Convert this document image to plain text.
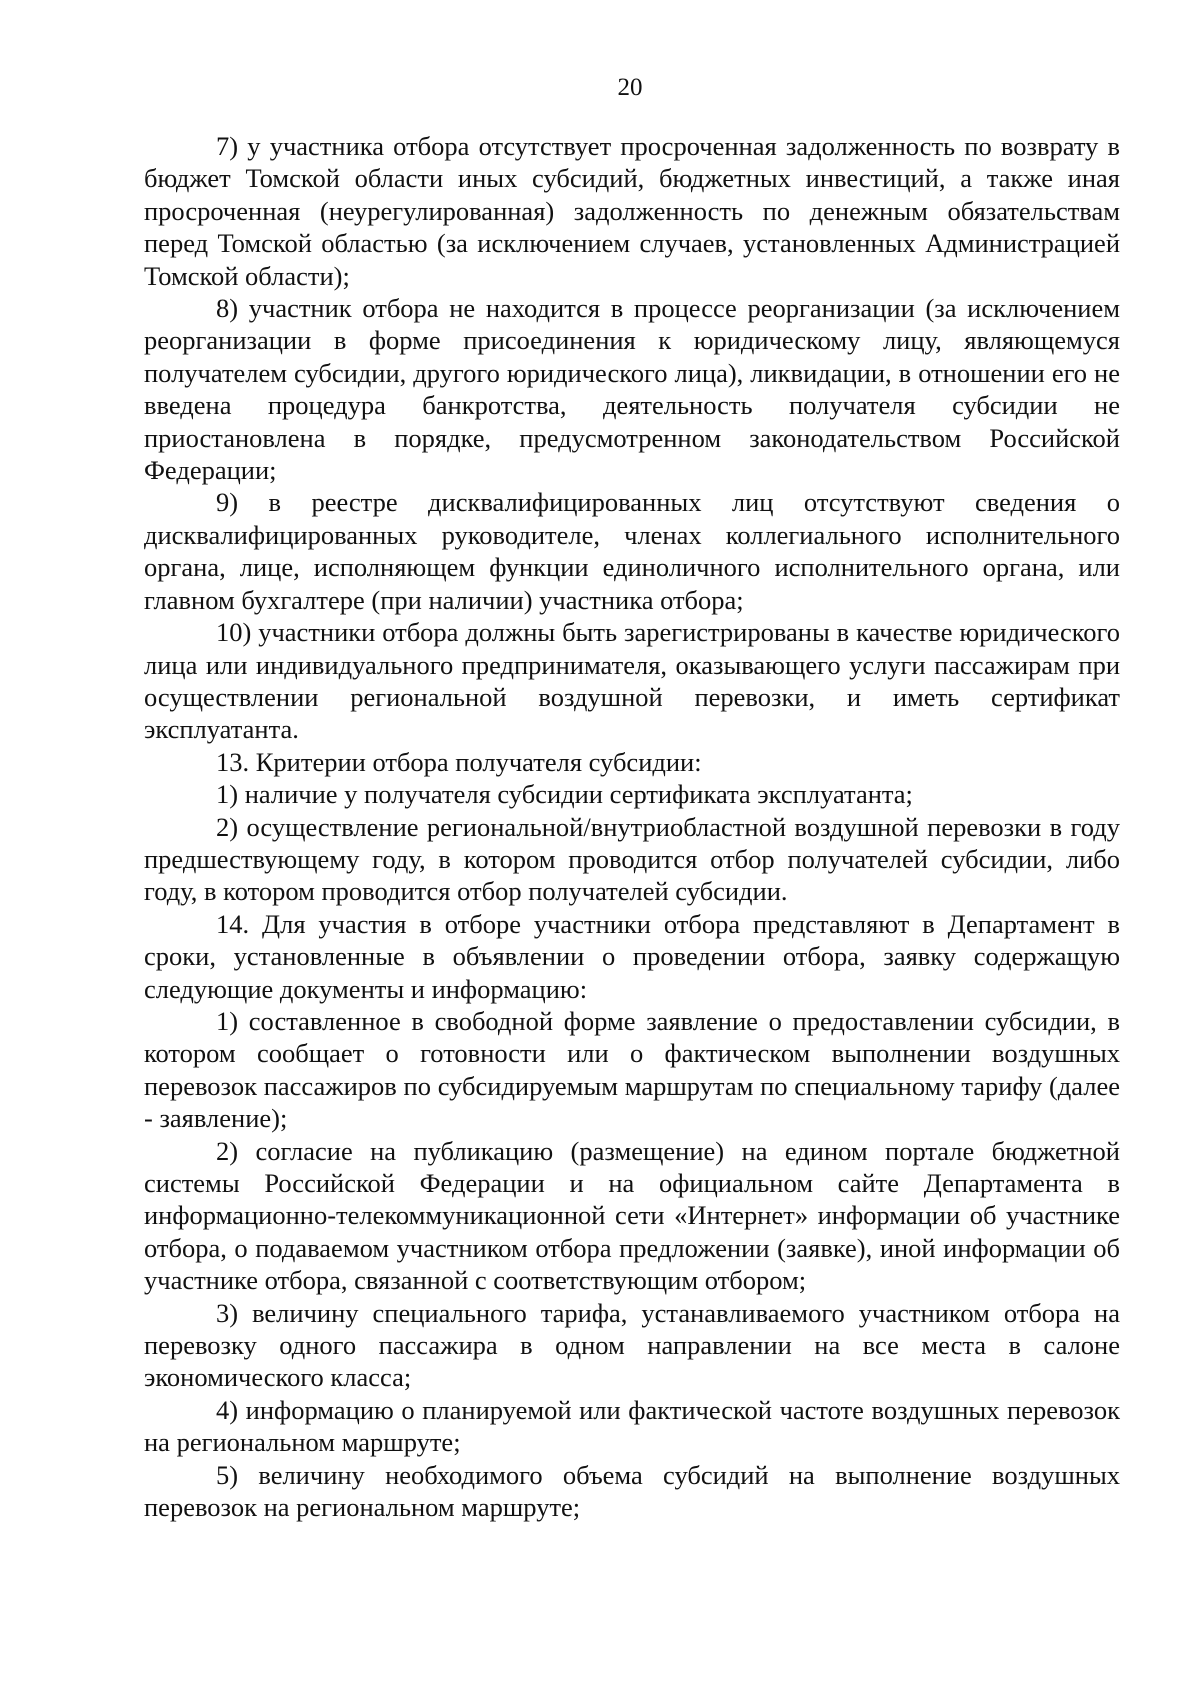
20

7) у участника отбора отсутствует просроченная задолженность по возврату в бюджет Томской области иных субсидий, бюджетных инвестиций, а также иная просроченная (неурегулированная) задолженность по денежным обязательствам перед Томской областью (за исключением случаев, установленных Администрацией Томской области);

8) участник отбора не находится в процессе реорганизации (за исключением реорганизации в форме присоединения к юридическому лицу, являющемуся получателем субсидии, другого юридического лица), ликвидации, в отношении его не введена процедура банкротства, деятельность получателя субсидии не приостановлена в порядке, предусмотренном законодательством Российской Федерации;

9) в реестре дисквалифицированных лиц отсутствуют сведения о дисквалифицированных руководителе, членах коллегиального исполнительного органа, лице, исполняющем функции единоличного исполнительного органа, или главном бухгалтере (при наличии) участника отбора;

10) участники отбора должны быть зарегистрированы в качестве юридического лица или индивидуального предпринимателя, оказывающего услуги пассажирам при осуществлении региональной воздушной перевозки, и иметь сертификат эксплуатанта.

13. Критерии отбора получателя субсидии:

1) наличие у получателя субсидии сертификата эксплуатанта;

2) осуществление региональной/внутриобластной воздушной перевозки в году предшествующему году, в котором проводится отбор получателей субсидии, либо году, в котором проводится отбор получателей субсидии.

14. Для участия в отборе участники отбора представляют в Департамент в сроки, установленные в объявлении о проведении отбора, заявку содержащую следующие документы и информацию:

1) составленное в свободной форме заявление о предоставлении субсидии, в котором сообщает о готовности или о фактическом выполнении воздушных перевозок пассажиров по субсидируемым маршрутам по специальному тарифу (далее - заявление);

2) согласие на публикацию (размещение) на едином портале бюджетной системы Российской Федерации и на официальном сайте Департамента в информационно-телекоммуникационной сети «Интернет» информации об участнике отбора, о подаваемом участником отбора предложении (заявке), иной информации об участнике отбора, связанной с соответствующим отбором;

3) величину специального тарифа, устанавливаемого участником отбора на перевозку одного пассажира в одном направлении на все места в салоне экономического класса;

4) информацию о планируемой или фактической частоте воздушных перевозок на региональном маршруте;

5) величину необходимого объема субсидий на выполнение воздушных перевозок на региональном маршруте;
